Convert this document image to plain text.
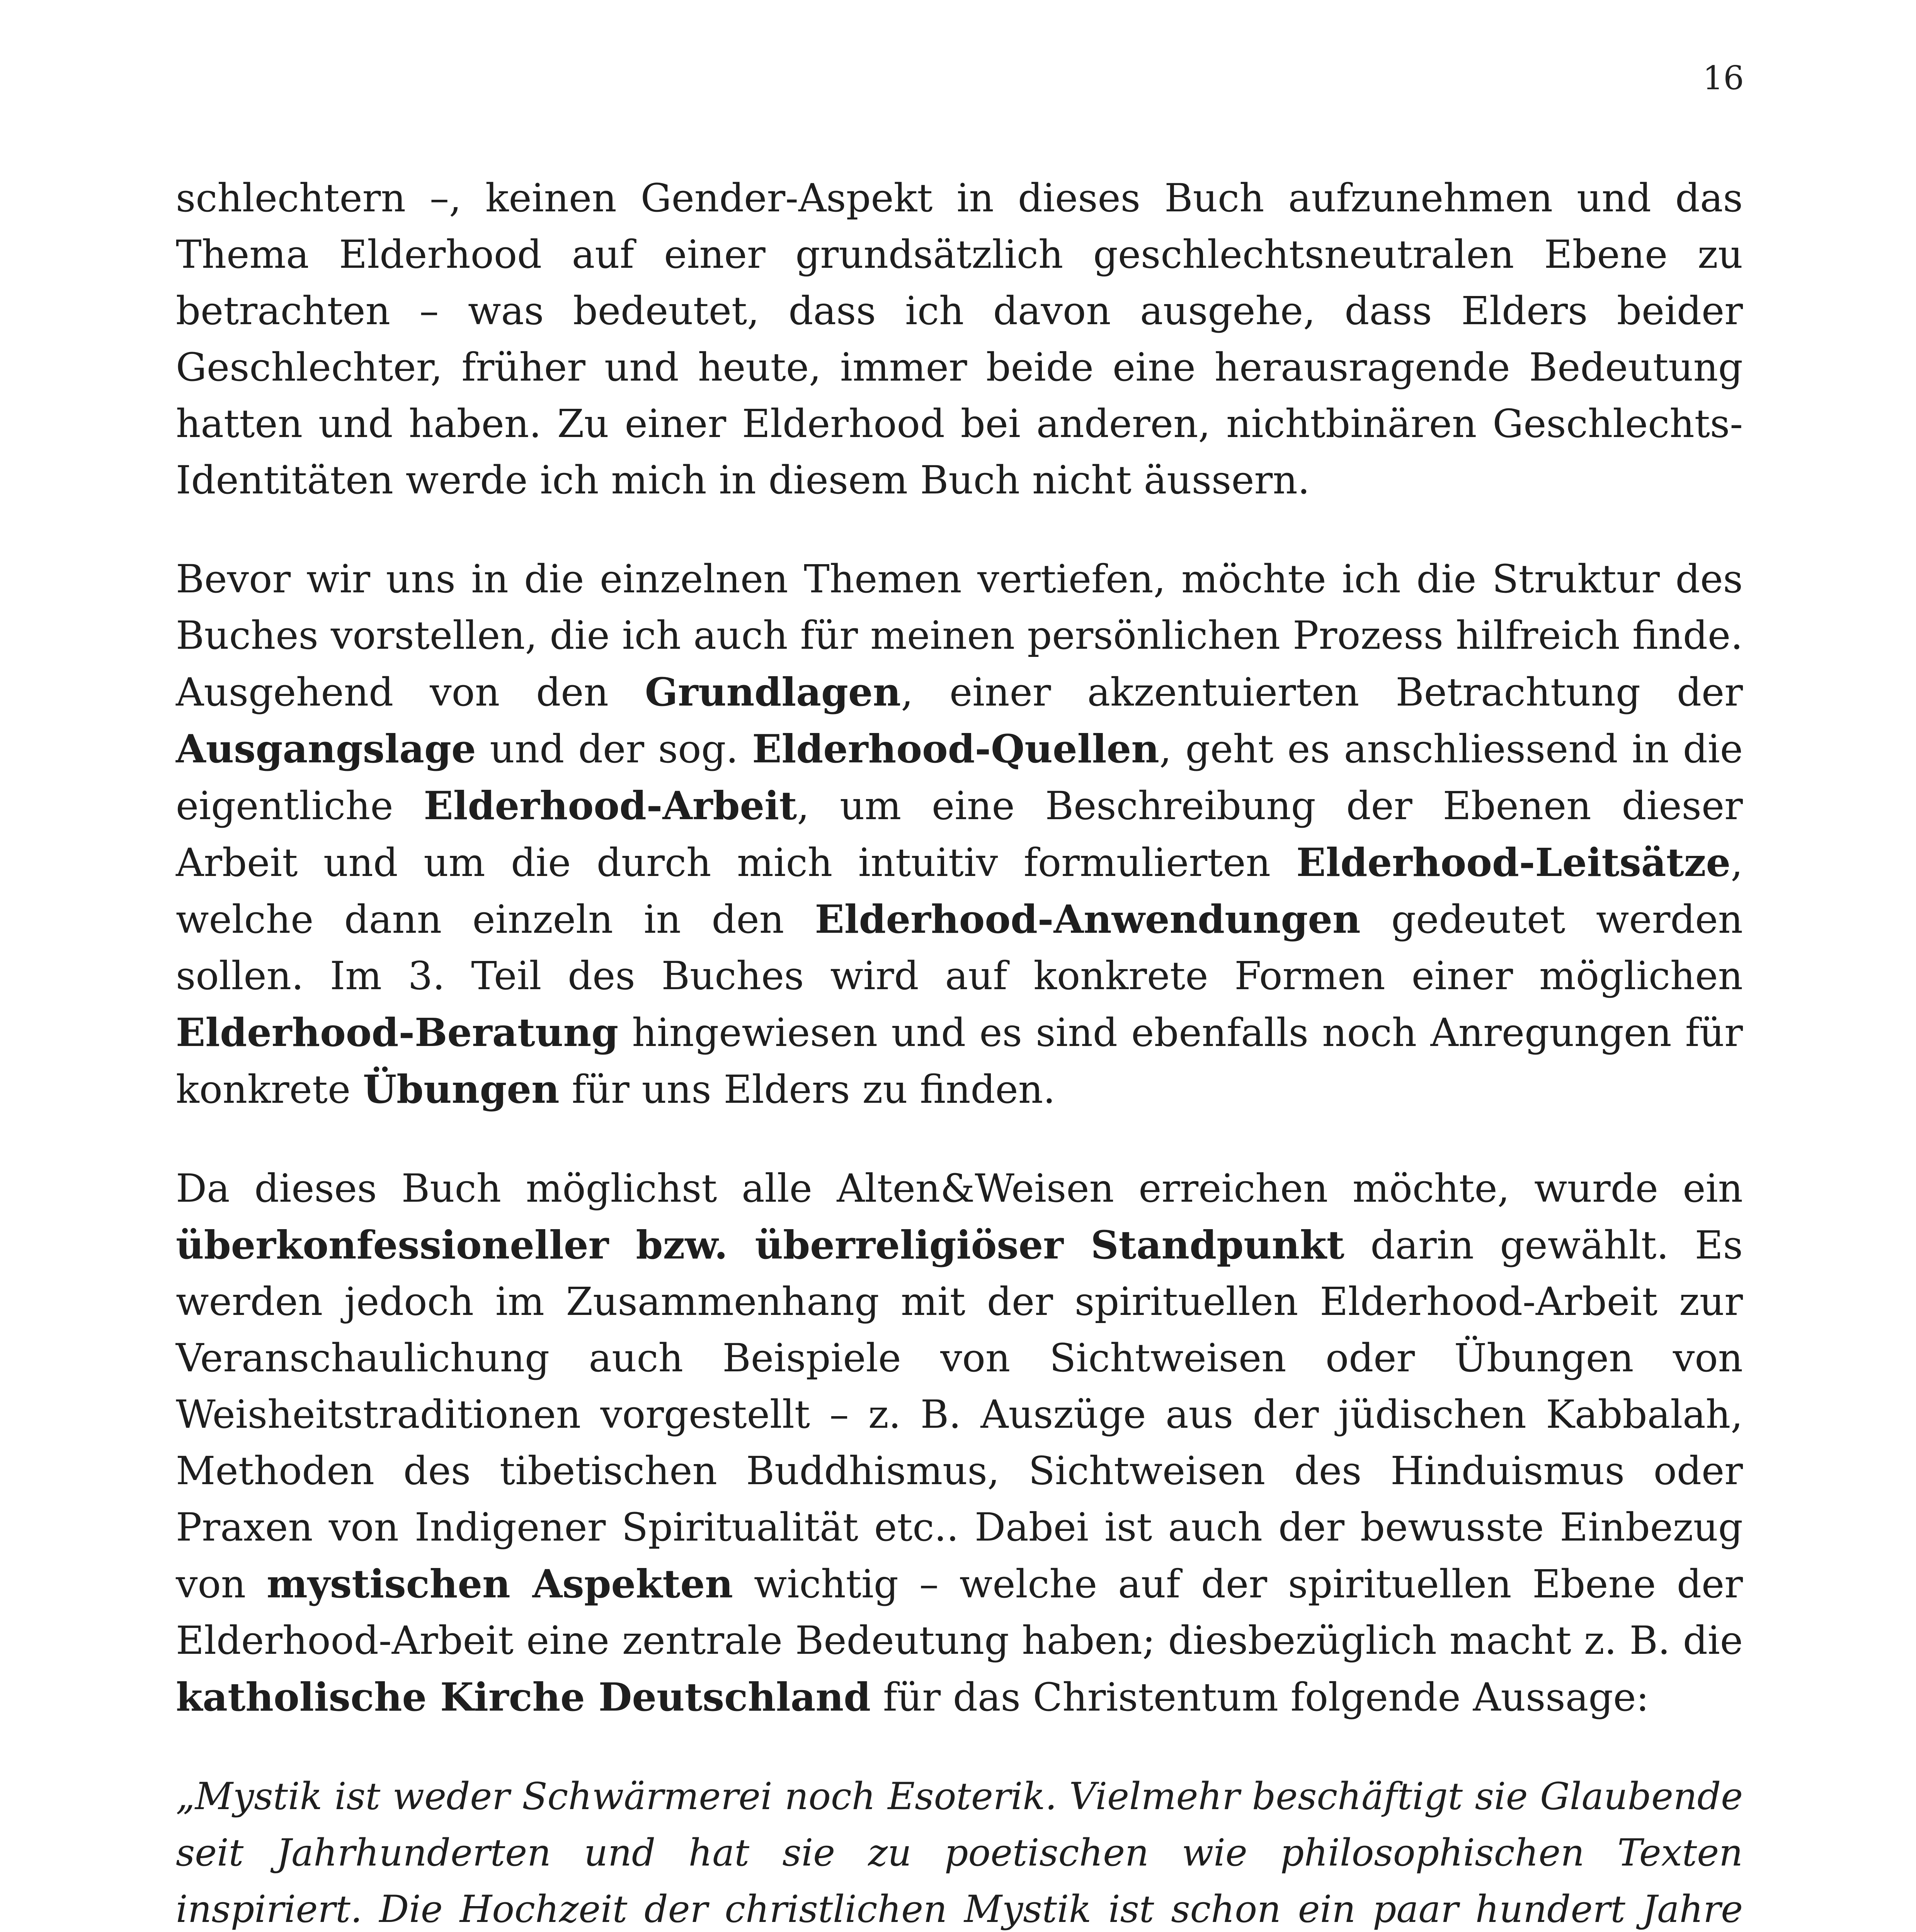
16

schlechtern –, keinen Gender-Aspekt in dieses Buch aufzunehmen und das Thema Elderhood auf einer grundsätzlich geschlechtsneutralen Ebene zu betrachten – was bedeutet, dass ich davon ausgehe, dass Elders beider Geschlechter, früher und heute, immer beide eine herausragende Bedeutung hatten und haben. Zu einer Elderhood bei anderen, nichtbinären Geschlechts-Identitäten werde ich mich in diesem Buch nicht äussern.

Bevor wir uns in die einzelnen Themen vertiefen, möchte ich die Struktur des Buches vorstellen, die ich auch für meinen persönlichen Prozess hilfreich finde. Ausgehend von den Grundlagen, einer akzentuierten Betrachtung der Ausgangslage und der sog. Elderhood-Quellen, geht es anschliessend in die eigentliche Elderhood-Arbeit, um eine Beschreibung der Ebenen dieser Arbeit und um die durch mich intuitiv formulierten Elderhood-Leitsätze, welche dann einzeln in den Elderhood-Anwendungen gedeutet werden sollen. Im 3. Teil des Buches wird auf konkrete Formen einer möglichen Elderhood-Beratung hingewiesen und es sind ebenfalls noch Anregungen für konkrete Übungen für uns Elders zu finden.

Da dieses Buch möglichst alle Alten&Weisen erreichen möchte, wurde ein überkonfessioneller bzw. überreligiöser Standpunkt darin gewählt. Es werden jedoch im Zusammenhang mit der spirituellen Elderhood-Arbeit zur Veranschaulichung auch Beispiele von Sichtweisen oder Übungen von Weisheitstraditionen vorgestellt – z. B. Auszüge aus der jüdischen Kabbalah, Methoden des tibetischen Buddhismus, Sichtweisen des Hinduismus oder Praxen von Indigener Spiritualität etc.. Dabei ist auch der bewusste Einbezug von mystischen Aspekten wichtig – welche auf der spirituellen Ebene der Elderhood-Arbeit eine zentrale Bedeutung haben; diesbezüglich macht z. B. die katholische Kirche Deutschland für das Christentum folgende Aussage:

„Mystik ist weder Schwärmerei noch Esoterik. Vielmehr beschäftigt sie Glaubende seit Jahrhunderten und hat sie zu poetischen wie philosophischen Texten inspiriert. Die Hochzeit der christlichen Mystik ist schon ein paar hundert Jahre
